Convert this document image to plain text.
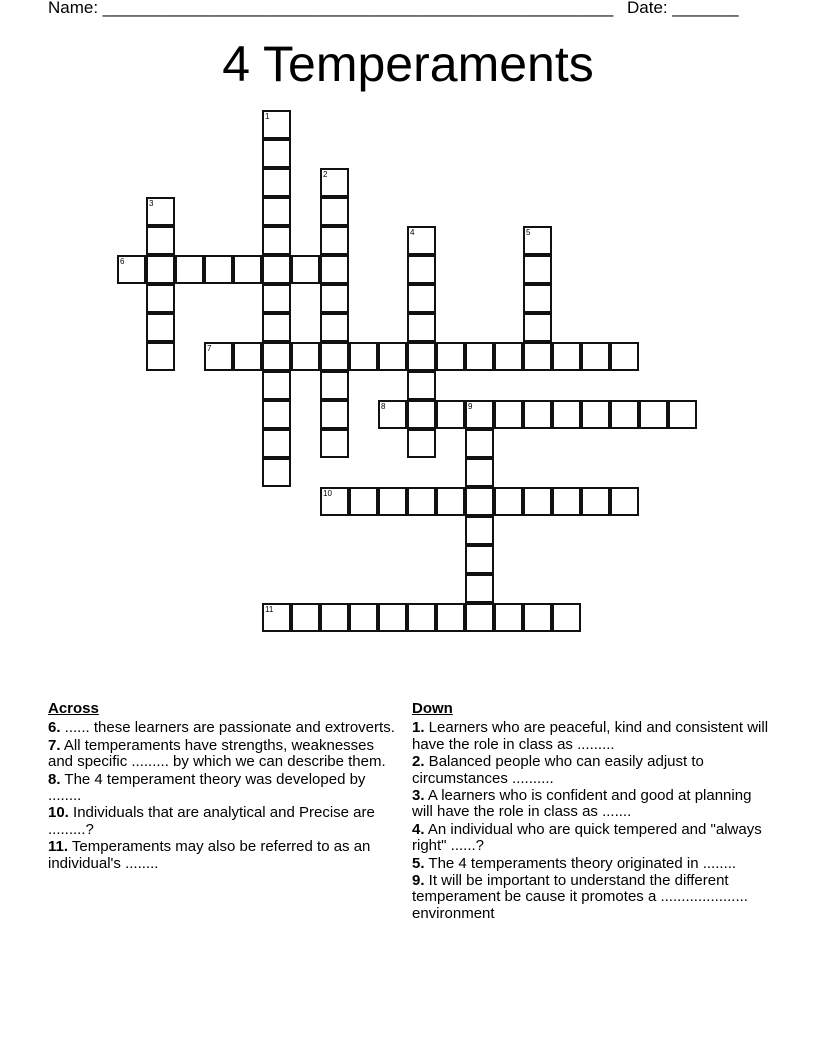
Name: ______________________________________________________ Date: _______
4 Temperaments
1
2
3
4	5
6
7
8	9
10
11
Across
6. ...... these learners are passionate and extroverts.
7. All temperaments have strengths, weaknesses and specific ......... by which we can describe them.
8. The 4 temperament theory was developed by ........
10. Individuals that are analytical and Precise are .........?
11. Temperaments may also be referred to as an individual's ........
Down
1. Learners who are peaceful, kind and consistent will have the role in class as .........
2. Balanced people who can easily adjust to circumstances ..........
3. A learners who is confident and good at planning will have the role in class as .......
4. An individual who are quick tempered and "always right" ......?
5. The 4 temperaments theory originated in ........
9. It will be important to understand the different temperament be cause it promotes a ..................... environment
